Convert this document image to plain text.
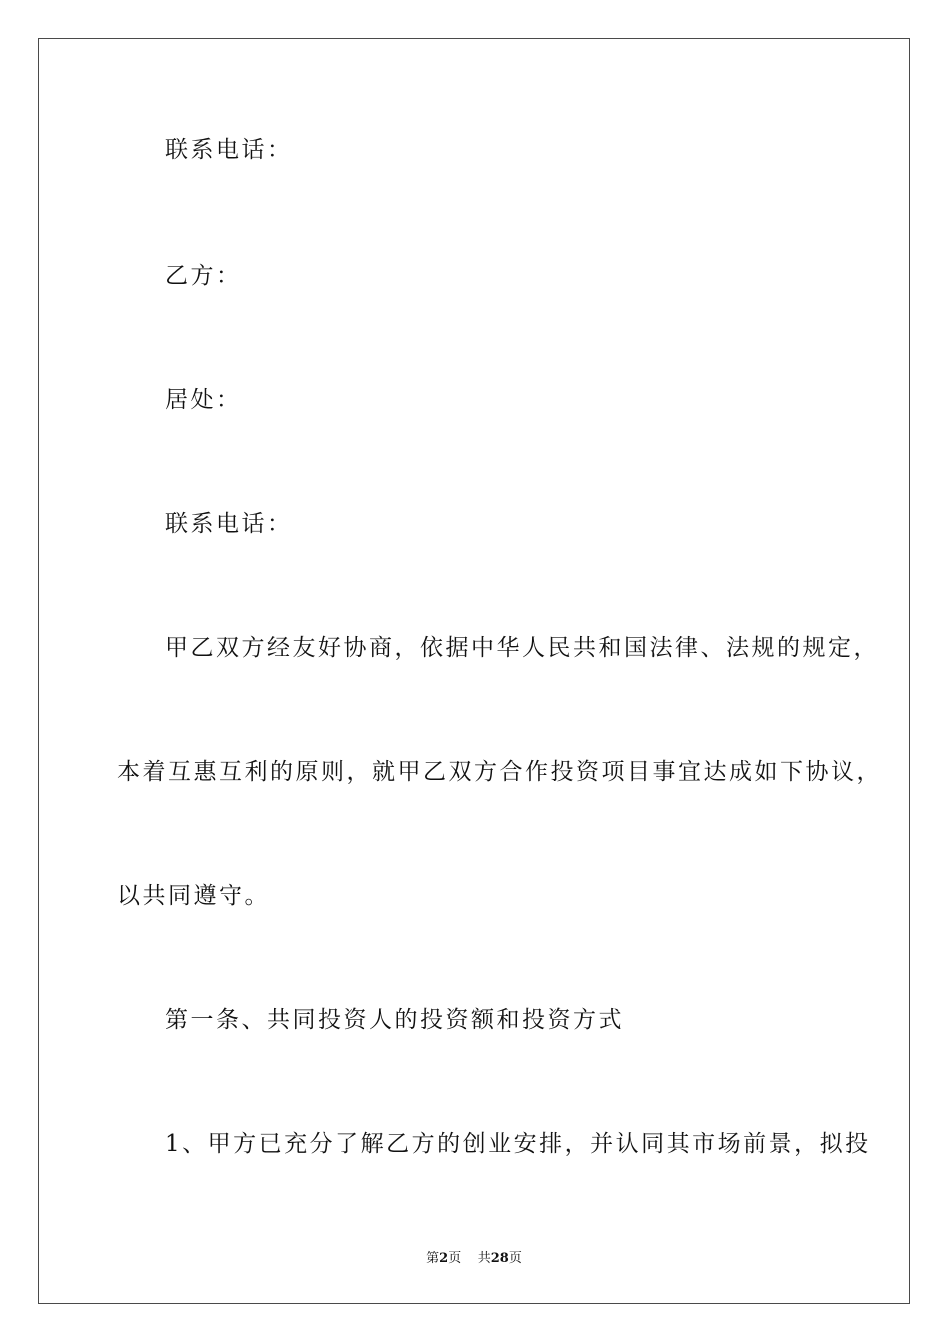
联系电话：
乙方：
居处：
联系电话：
甲乙双方经友好协商，依据中华人民共和国法律、法规的规定，
本着互惠互利的原则，就甲乙双方合作投资项目事宜达成如下协议，
以共同遵守。
第一条、共同投资人的投资额和投资方式
1、甲方已充分了解乙方的创业安排，并认同其市场前景，拟投
第2页 共28页
